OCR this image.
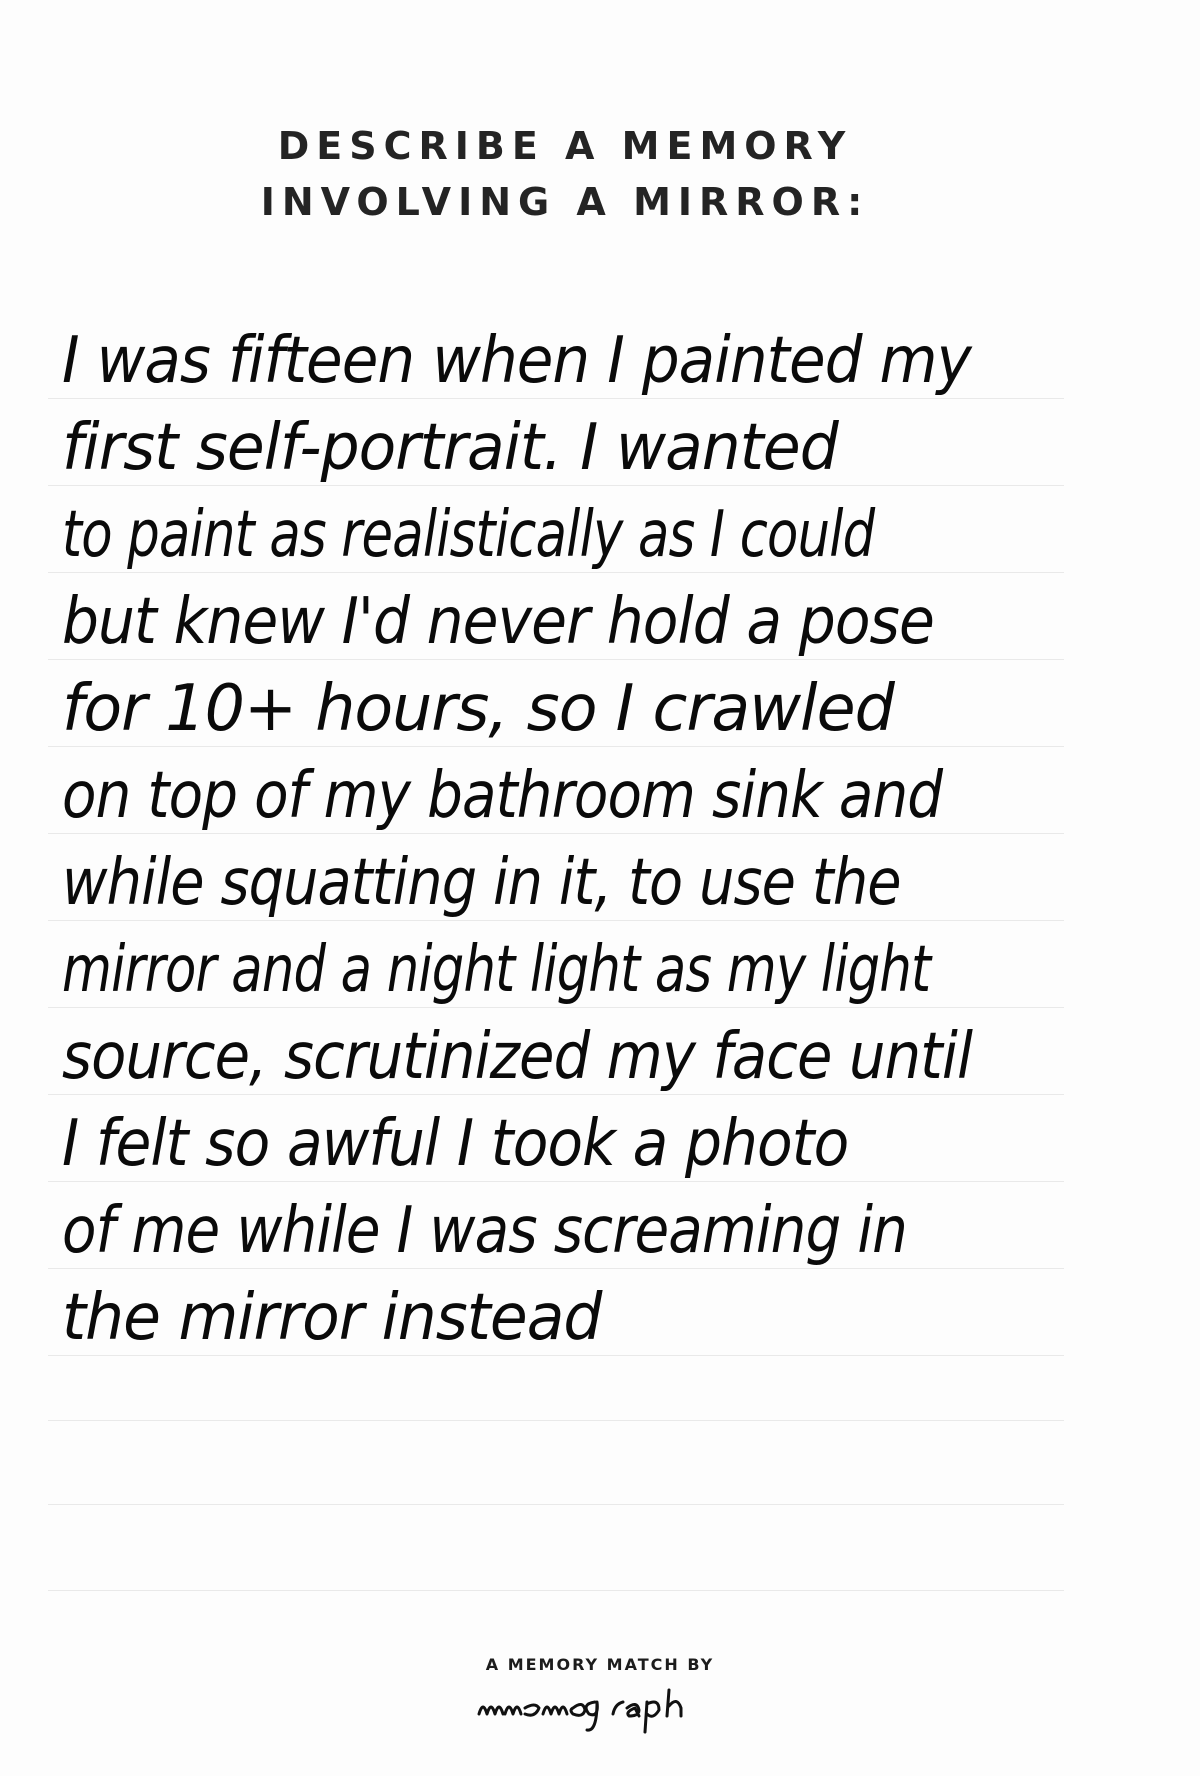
DESCRIBE A MEMORY
INVOLVING A MIRROR:
I was fifteen when I painted my
first self-portrait. I wanted
to paint as realistically as I could
but knew I'd never hold a pose
for 10+ hours, so I crawled
on top of my bathroom sink and
while squatting in it, to use the
mirror and a night light as my light
source, scrutinized my face until
I felt so awful I took a photo
of me while I was screaming in
the mirror instead
A MEMORY MATCH BY
